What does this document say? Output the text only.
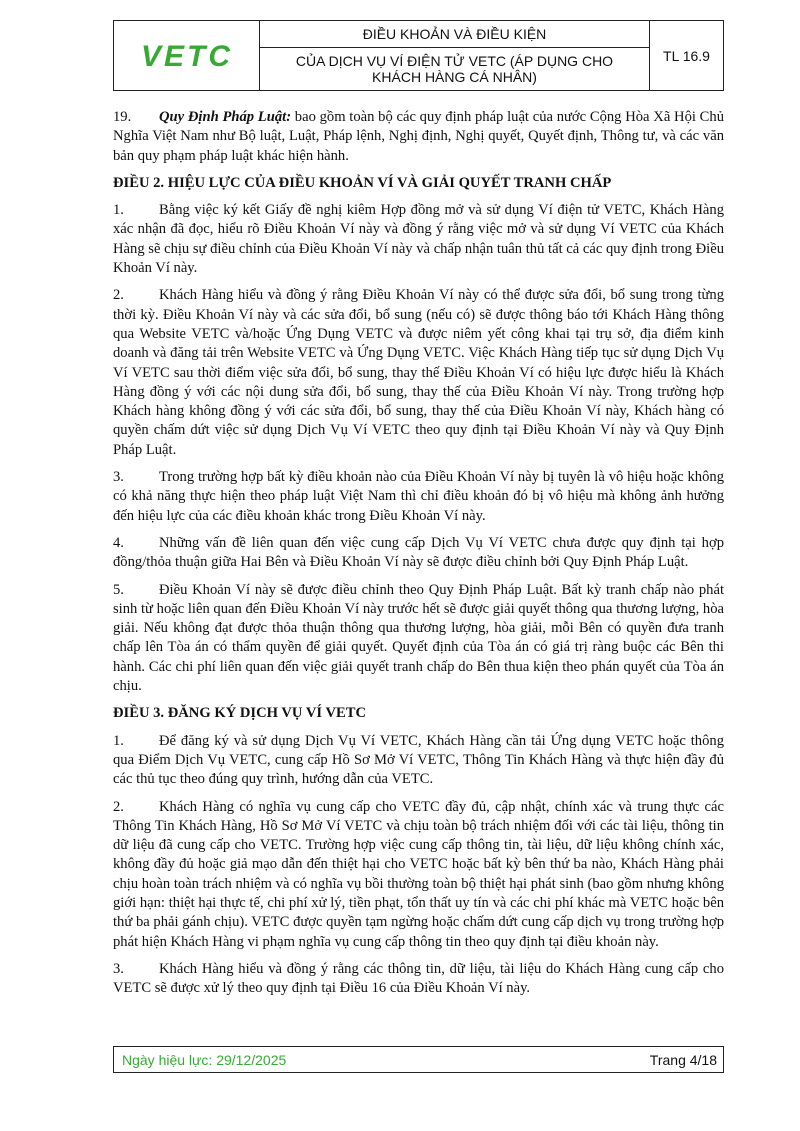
VETC
ĐIỀU KHOẢN VÀ ĐIỀU KIỆN
CỦA DỊCH VỤ VÍ ĐIỆN TỬ VETC (ÁP DỤNG CHO KHÁCH HÀNG CÁ NHÂN)
TL 16.9

19. Quy Định Pháp Luật: bao gồm toàn bộ các quy định pháp luật của nước Cộng Hòa Xã Hội Chủ Nghĩa Việt Nam như Bộ luật, Luật, Pháp lệnh, Nghị định, Nghị quyết, Quyết định, Thông tư, và các văn bản quy phạm pháp luật khác hiện hành.

ĐIỀU 2. HIỆU LỰC CỦA ĐIỀU KHOẢN VÍ VÀ GIẢI QUYẾT TRANH CHẤP

1. Bằng việc ký kết Giấy đề nghị kiêm Hợp đồng mở và sử dụng Ví điện tử VETC, Khách Hàng xác nhận đã đọc, hiểu rõ Điều Khoản Ví này và đồng ý rằng việc mở và sử dụng Ví VETC của Khách Hàng sẽ chịu sự điều chỉnh của Điều Khoản Ví này và chấp nhận tuân thủ tất cả các quy định trong Điều Khoản Ví này.

2. Khách Hàng hiểu và đồng ý rằng Điều Khoản Ví này có thể được sửa đổi, bổ sung trong từng thời kỳ. Điều Khoản Ví này và các sửa đổi, bổ sung (nếu có) sẽ được thông báo tới Khách Hàng thông qua Website VETC và/hoặc Ứng Dụng VETC và được niêm yết công khai tại trụ sở, địa điểm kinh doanh và đăng tải trên Website VETC và Ứng Dụng VETC. Việc Khách Hàng tiếp tục sử dụng Dịch Vụ Ví VETC sau thời điểm việc sửa đổi, bổ sung, thay thế Điều Khoản Ví có hiệu lực được hiểu là Khách Hàng đồng ý với các nội dung sửa đổi, bổ sung, thay thế của Điều Khoản Ví này. Trong trường hợp Khách hàng không đồng ý với các sửa đổi, bổ sung, thay thế của Điều Khoản Ví này, Khách hàng có quyền chấm dứt việc sử dụng Dịch Vụ Ví VETC theo quy định tại Điều Khoản Ví này và Quy Định Pháp Luật.

3. Trong trường hợp bất kỳ điều khoản nào của Điều Khoản Ví này bị tuyên là vô hiệu hoặc không có khả năng thực hiện theo pháp luật Việt Nam thì chỉ điều khoản đó bị vô hiệu mà không ảnh hưởng đến hiệu lực của các điều khoản khác trong Điều Khoản Ví này.

4. Những vấn đề liên quan đến việc cung cấp Dịch Vụ Ví VETC chưa được quy định tại hợp đồng/thỏa thuận giữa Hai Bên và Điều Khoản Ví này sẽ được điều chỉnh bởi Quy Định Pháp Luật.

5. Điều Khoản Ví này sẽ được điều chỉnh theo Quy Định Pháp Luật. Bất kỳ tranh chấp nào phát sinh từ hoặc liên quan đến Điều Khoản Ví này trước hết sẽ được giải quyết thông qua thương lượng, hòa giải. Nếu không đạt được thỏa thuận thông qua thương lượng, hòa giải, mỗi Bên có quyền đưa tranh chấp lên Tòa án có thẩm quyền để giải quyết. Quyết định của Tòa án có giá trị ràng buộc các Bên thi hành. Các chi phí liên quan đến việc giải quyết tranh chấp do Bên thua kiện theo phán quyết của Tòa án chịu.

ĐIỀU 3. ĐĂNG KÝ DỊCH VỤ VÍ VETC

1. Để đăng ký và sử dụng Dịch Vụ Ví VETC, Khách Hàng cần tải Ứng dụng VETC hoặc thông qua Điểm Dịch Vụ VETC, cung cấp Hồ Sơ Mở Ví VETC, Thông Tin Khách Hàng và thực hiện đầy đủ các thủ tục theo đúng quy trình, hướng dẫn của VETC.

2. Khách Hàng có nghĩa vụ cung cấp cho VETC đầy đủ, cập nhật, chính xác và trung thực các Thông Tin Khách Hàng, Hồ Sơ Mở Ví VETC và chịu toàn bộ trách nhiệm đối với các tài liệu, thông tin dữ liệu đã cung cấp cho VETC. Trường hợp việc cung cấp thông tin, tài liệu, dữ liệu không chính xác, không đầy đủ hoặc giả mạo dẫn đến thiệt hại cho VETC hoặc bất kỳ bên thứ ba nào, Khách Hàng phải chịu hoàn toàn trách nhiệm và có nghĩa vụ bồi thường toàn bộ thiệt hại phát sinh (bao gồm nhưng không giới hạn: thiệt hại thực tế, chi phí xử lý, tiền phạt, tổn thất uy tín và các chi phí khác mà VETC hoặc bên thứ ba phải gánh chịu). VETC được quyền tạm ngừng hoặc chấm dứt cung cấp dịch vụ trong trường hợp phát hiện Khách Hàng vi phạm nghĩa vụ cung cấp thông tin theo quy định tại điều khoản này.

3. Khách Hàng hiểu và đồng ý rằng các thông tin, dữ liệu, tài liệu do Khách Hàng cung cấp cho VETC sẽ được xử lý theo quy định tại Điều 16 của Điều Khoản Ví này.

Ngày hiệu lực: 29/12/2025	Trang 4/18
